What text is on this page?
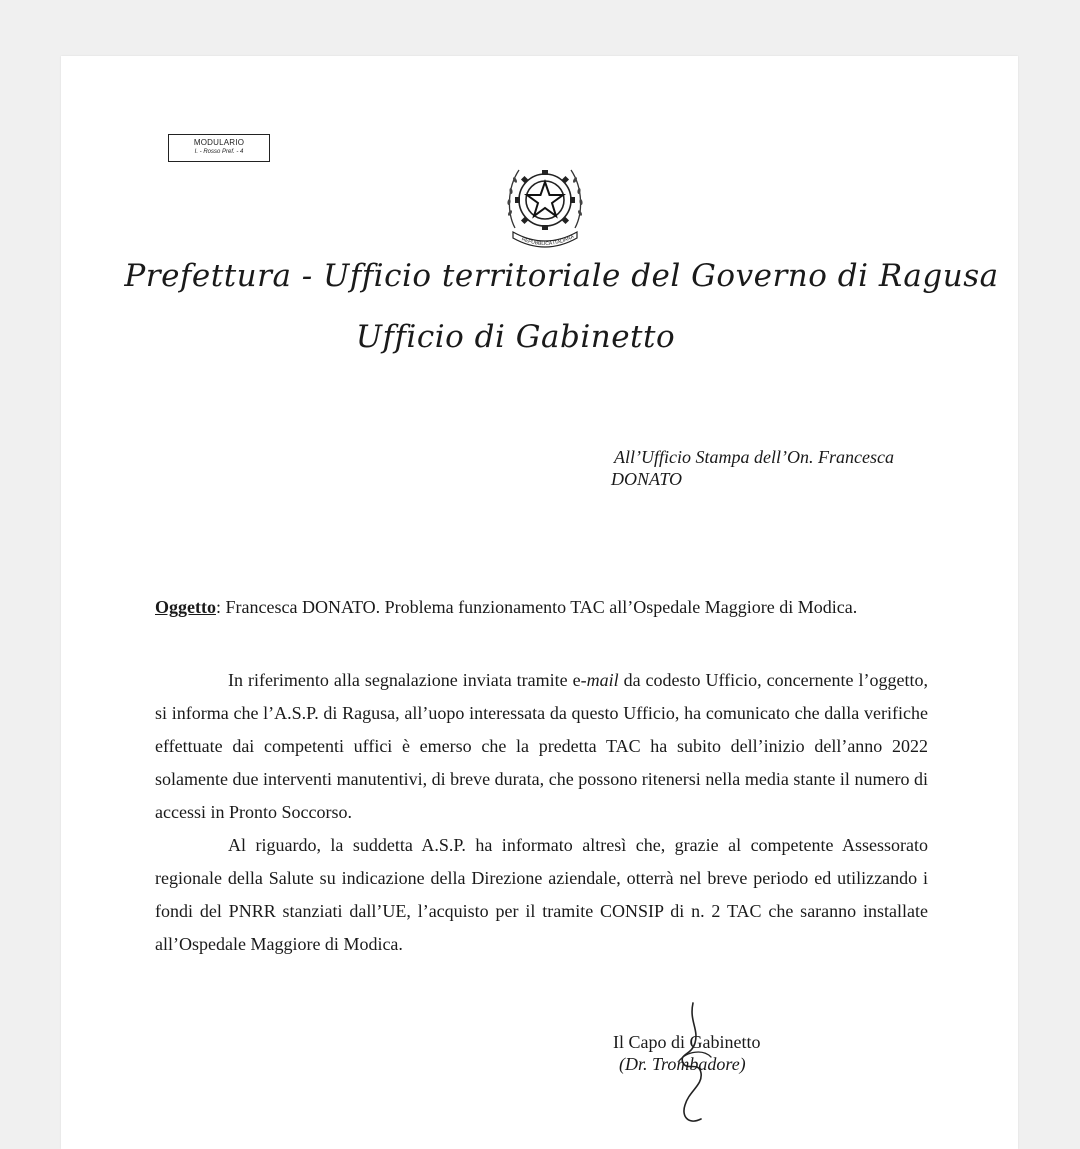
MODULARIO
I. - Rosso Pref. - 4
REPUBBLICA ITALIANA
Prefettura - Ufficio territoriale del Governo di Ragusa
Ufficio di Gabinetto
All’Ufficio Stampa dell’On. Francesca
DONATO
Oggetto: Francesca DONATO. Problema funzionamento TAC all’Ospedale Maggiore di Modica.

In riferimento alla segnalazione inviata tramite e-mail da codesto Ufficio, concernente l’oggetto, si informa che l’A.S.P. di Ragusa, all’uopo interessata da questo Ufficio, ha comunicato che dalla verifiche effettuate dai competenti uffici è emerso che la predetta TAC ha subito dell’inizio dell’anno 2022 solamente due interventi manutentivi, di breve durata, che possono ritenersi nella media stante il numero di accessi in Pronto Soccorso.

Al riguardo, la suddetta A.S.P. ha informato altresì che, grazie al competente Assessorato regionale della Salute su indicazione della Direzione aziendale, otterrà nel breve periodo ed utilizzando i fondi del PNRR stanziati dall’UE, l’acquisto per il tramite CONSIP di n. 2 TAC che saranno installate all’Ospedale Maggiore di Modica.

Il Capo di Gabinetto
(Dr. Trombadore)
